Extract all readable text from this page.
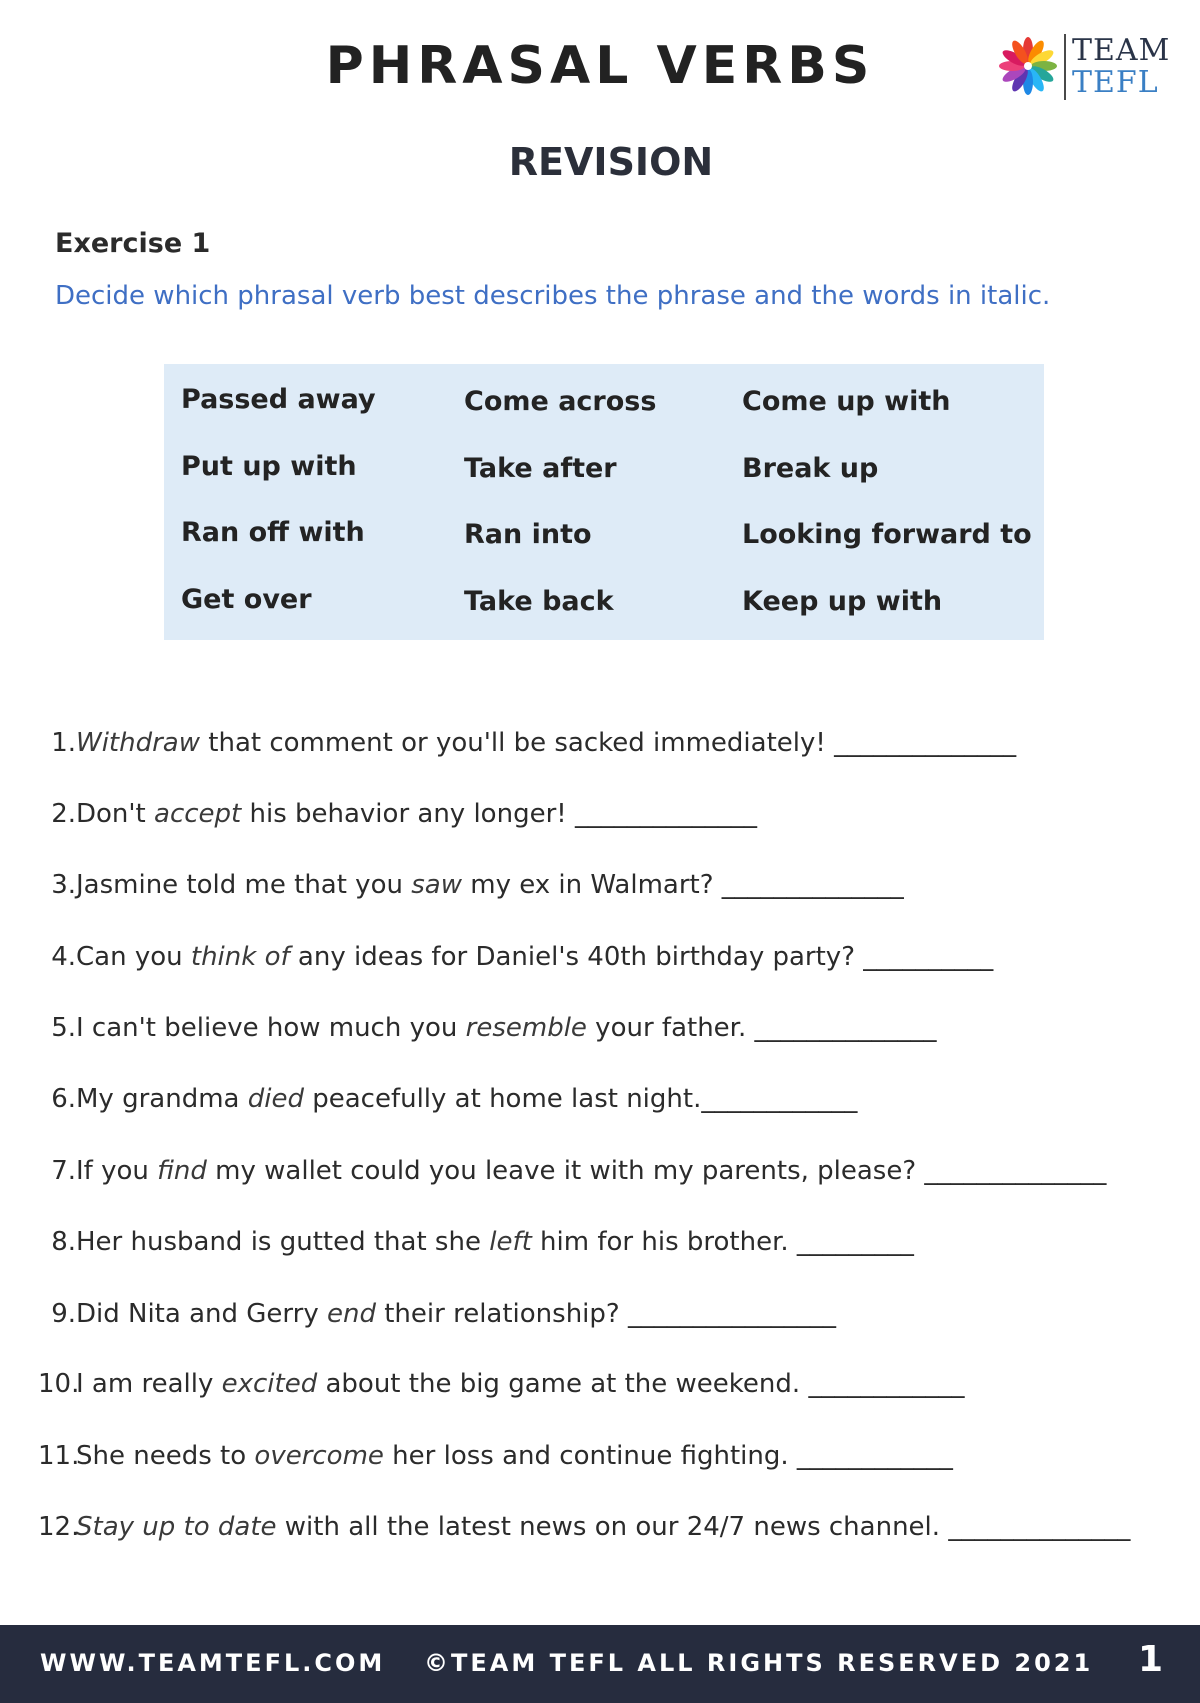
PHRASAL VERBS	TEAM
TEFL
REVISION
Exercise 1
Decide which phrasal verb best describes the phrase and the words in italic.
Passed away	Come across	Come up with
Put up with	Take after	Break up
Ran off with	Ran into	Looking forward to
Get over	Take back	Keep up with
1.Withdraw that comment or you'll be sacked immediately! ______________
2.Don't accept his behavior any longer! ______________
3.Jasmine told me that you saw my ex in Walmart? ______________
4.Can you think of any ideas for Daniel's 40th birthday party? __________
5.I can't believe how much you resemble your father. ______________
6.My grandma died peacefully at home last night.____________
7.If you find my wallet could you leave it with my parents, please? ______________
8.Her husband is gutted that she left him for his brother. _________
9.Did Nita and Gerry end their relationship? ________________
10.I am really excited about the big game at the weekend. ____________
11.She needs to overcome her loss and continue fighting. ____________
12.Stay up to date with all the latest news on our 24/7 news channel. ______________
WWW.TEAMTEFL.COM ©TEAM TEFL ALL RIGHTS RESERVED 2021 1
